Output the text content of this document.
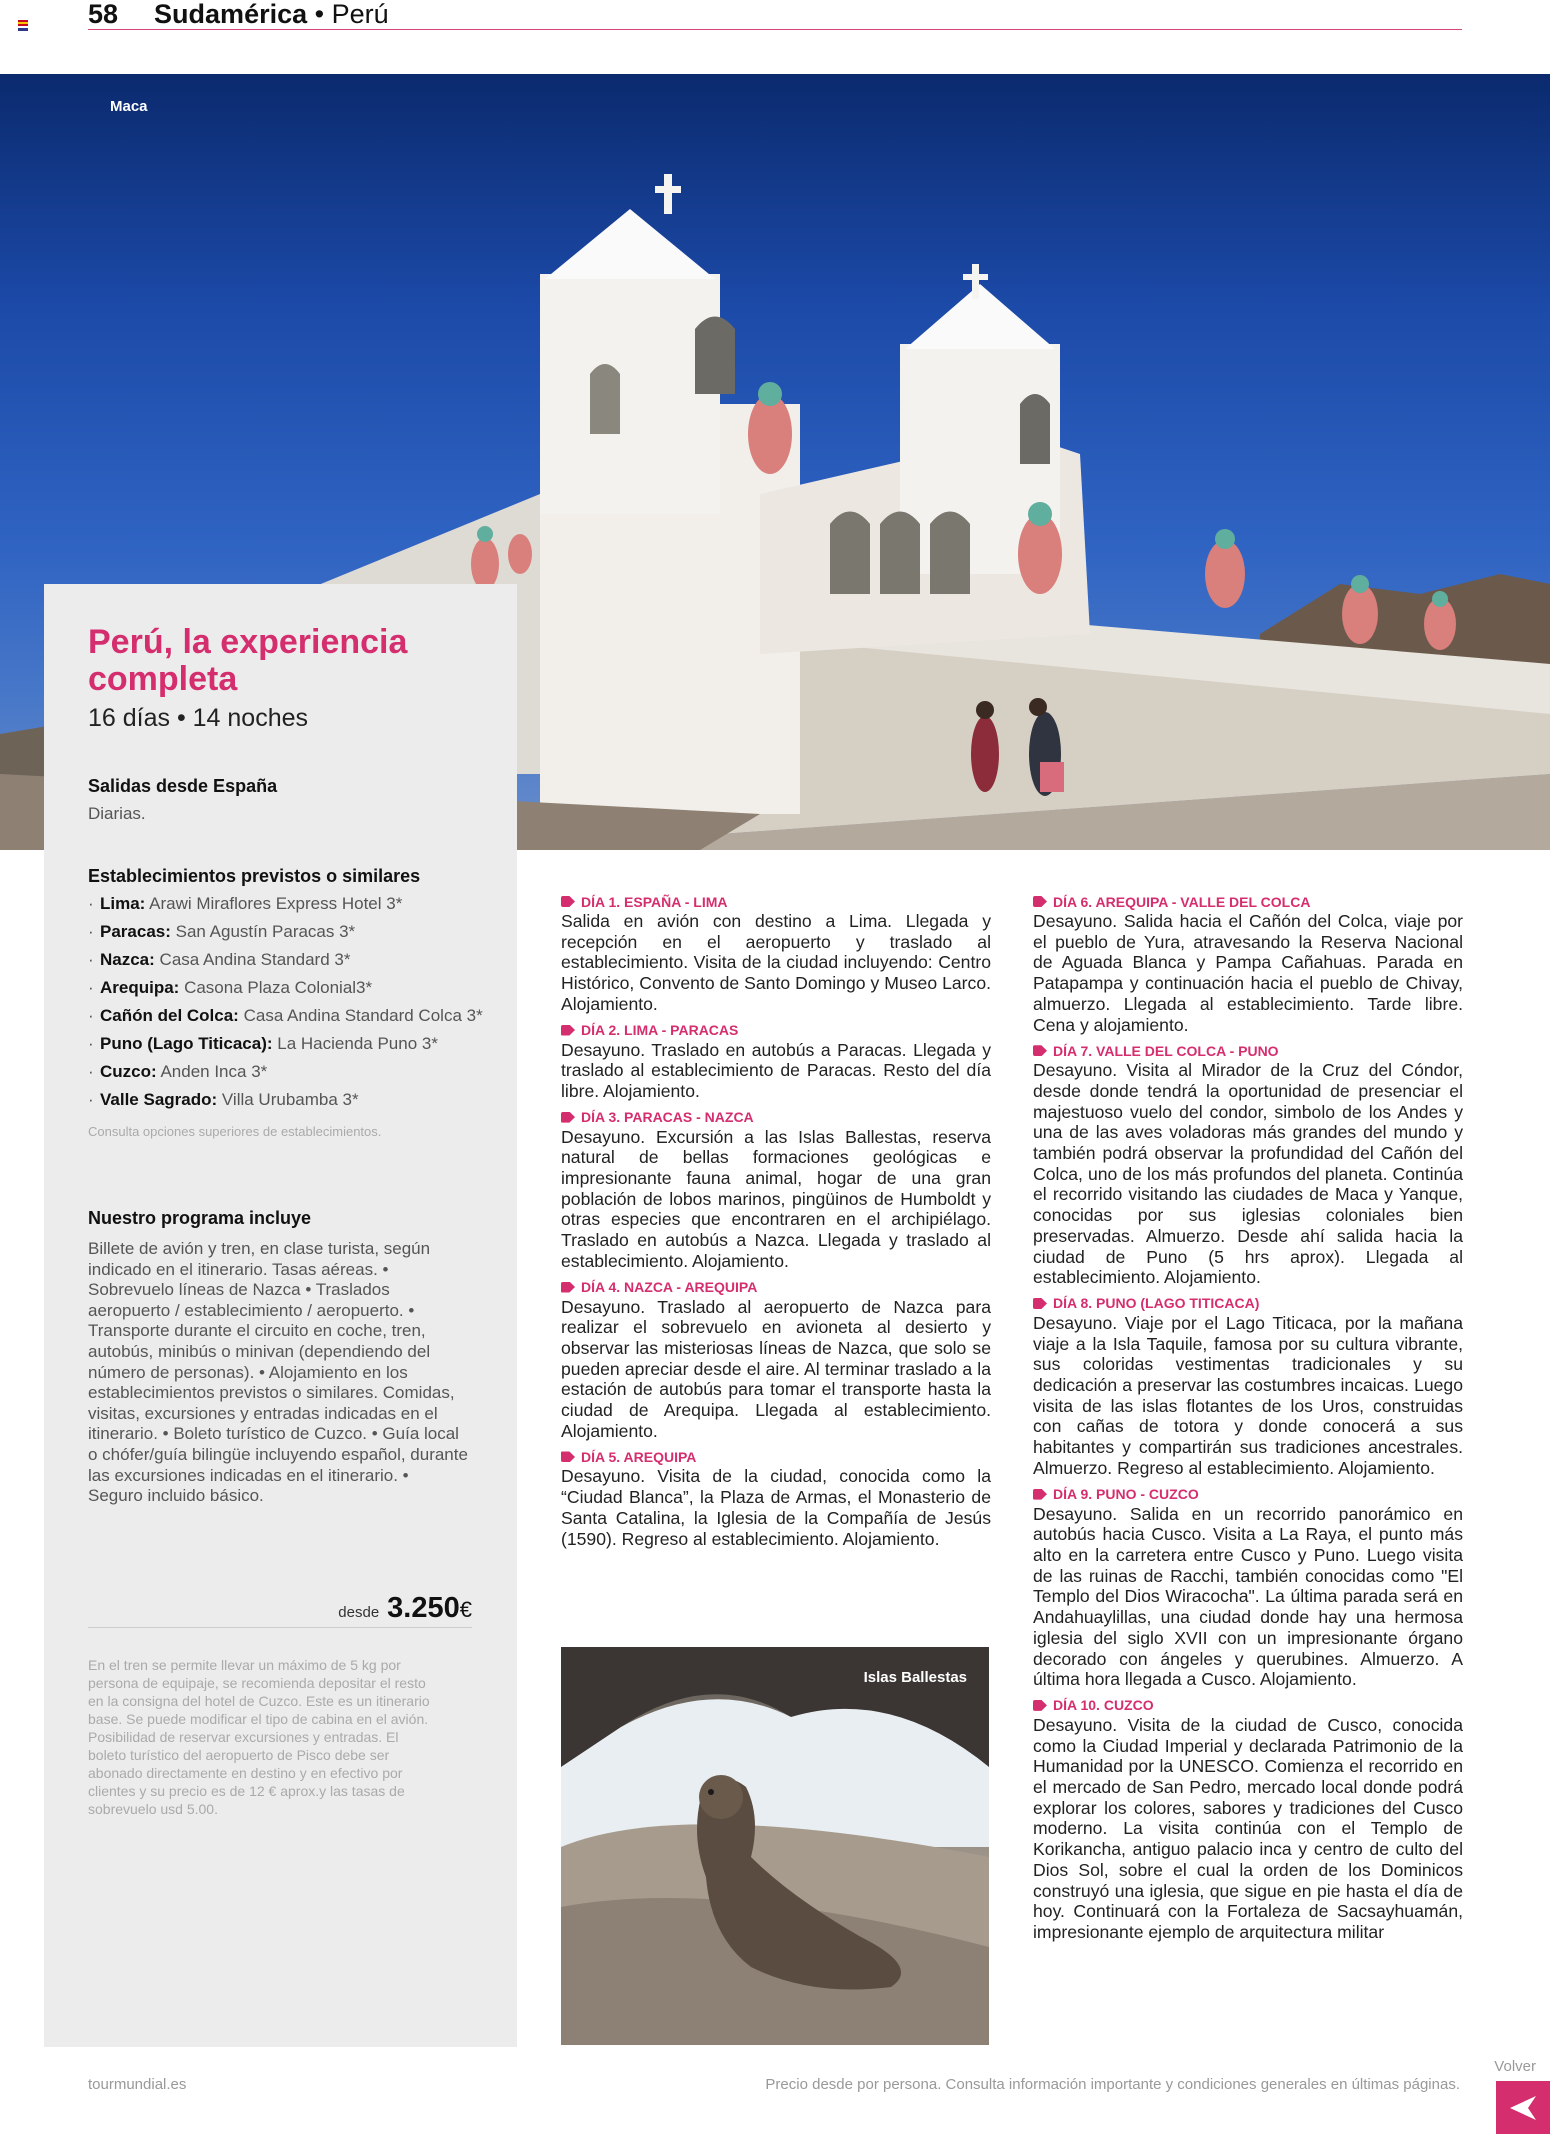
58 Sudamérica • Perú
Maca
Perú, la experiencia completa
16 días • 14 noches
Salidas desde España
Diarias.
Establecimientos previstos o similares
· Lima: Arawi Miraflores Express Hotel 3*
· Paracas: San Agustín Paracas 3*
· Nazca: Casa Andina Standard 3*
· Arequipa: Casona Plaza Colonial3*
· Cañón del Colca: Casa Andina Standard Colca 3*
· Puno (Lago Titicaca): La Hacienda Puno 3*
· Cuzco: Anden Inca 3*
· Valle Sagrado: Villa Urubamba 3*
Consulta opciones superiores de establecimientos.
Nuestro programa incluye
Billete de avión y tren, en clase turista, según indicado en el itinerario. Tasas aéreas. • Sobrevuelo líneas de Nazca • Traslados aeropuerto / establecimiento / aeropuerto. • Transporte durante el circuito en coche, tren, autobús, minibús o minivan (dependiendo del número de personas). • Alojamiento en los establecimientos previstos o similares. Comidas, visitas, excursiones y entradas indicadas en el itinerario. • Boleto turístico de Cuzco. • Guía local o chófer/guía bilingüe incluyendo español, durante las excursiones indicadas en el itinerario. • Seguro incluido básico.
desde 3.250 €
En el tren se permite llevar un máximo de 5 kg por persona de equipaje, se recomienda depositar el resto en la consigna del hotel de Cuzco. Este es un itinerario base. Se puede modificar el tipo de cabina en el avión. Posibilidad de reservar excursiones y entradas. El boleto turístico del aeropuerto de Pisco debe ser abonado directamente en destino y en efectivo por clientes y su precio es de 12 € aprox.y las tasas de sobrevuelo usd 5.00.
DÍA 1. ESPAÑA - LIMA

Salida en avión con destino a Lima. Llegada y recepción en el aeropuerto y traslado al establecimiento. Visita de la ciudad incluyendo: Centro Histórico, Convento de Santo Domingo y Museo Larco. Alojamiento.

DÍA 2. LIMA - PARACAS

Desayuno. Traslado en autobús a Paracas. Llegada y traslado al establecimiento de Paracas. Resto del día libre. Alojamiento.

DÍA 3. PARACAS - NAZCA

Desayuno. Excursión a las Islas Ballestas, reserva natural de bellas formaciones geológicas e impresionante fauna animal, hogar de una gran población de lobos marinos, pingüinos de Humboldt y otras especies que encontraren en el archipiélago. Traslado en autobús a Nazca. Llegada y traslado al establecimiento. Alojamiento.

DÍA 4. NAZCA - AREQUIPA

Desayuno. Traslado al aeropuerto de Nazca para realizar el sobrevuelo en avioneta al desierto y observar las misteriosas líneas de Nazca, que solo se pueden apreciar desde el aire. Al terminar traslado a la estación de autobús para tomar el transporte hasta la ciudad de Arequipa. Llegada al establecimiento. Alojamiento.

DÍA 5. AREQUIPA

Desayuno. Visita de la ciudad, conocida como la “Ciudad Blanca”, la Plaza de Armas, el Monasterio de Santa Catalina, la Iglesia de la Compañía de Jesús (1590). Regreso al establecimiento. Alojamiento.

DÍA 6. AREQUIPA - VALLE DEL COLCA

Desayuno. Salida hacia el Cañón del Colca, viaje por el pueblo de Yura, atravesando la Reserva Nacional de Aguada Blanca y Pampa Cañahuas. Parada en Patapampa y continuación hacia el pueblo de Chivay, almuerzo. Llegada al establecimiento. Tarde libre. Cena y alojamiento.

DÍA 7. VALLE DEL COLCA - PUNO

Desayuno. Visita al Mirador de la Cruz del Cóndor, desde donde tendrá la oportunidad de presenciar el majestuoso vuelo del condor, simbolo de los Andes y una de las aves voladoras más grandes del mundo y también podrá observar la profundidad del Cañón del Colca, uno de los más profundos del planeta. Continúa el recorrido visitando las ciudades de Maca y Yanque, conocidas por sus iglesias coloniales bien preservadas. Almuerzo. Desde ahí salida hacia la ciudad de Puno (5 hrs aprox). Llegada al establecimiento. Alojamiento.

DÍA 8. PUNO (LAGO TITICACA)

Desayuno. Viaje por el Lago Titicaca, por la mañana viaje a la Isla Taquile, famosa por su cultura vibrante, sus coloridas vestimentas tradicionales y su dedicación a preservar las costumbres incaicas. Luego visita de las islas flotantes de los Uros, construidas con cañas de totora y donde conocerá a sus habitantes y compartirán sus tradiciones ancestrales. Almuerzo. Regreso al establecimiento. Alojamiento.

DÍA 9. PUNO - CUZCO

Desayuno. Salida en un recorrido panorámico en autobús hacia Cusco. Visita a La Raya, el punto más alto en la carretera entre Cusco y Puno. Luego visita de las ruinas de Racchi, también conocidas como "El Templo del Dios Wiracocha". La última parada será en Andahuaylillas, una ciudad donde hay una hermosa iglesia del siglo XVII con un impresionante órgano decorado con ángeles y querubines. Almuerzo. A última hora llegada a Cusco. Alojamiento.

DÍA 10. CUZCO

Desayuno. Visita de la ciudad de Cusco, conocida como la Ciudad Imperial y declarada Patrimonio de la Humanidad por la UNESCO. Comienza el recorrido en el mercado de San Pedro, mercado local donde podrá explorar los colores, sabores y tradiciones del Cusco moderno. La visita continúa con el Templo de Korikancha, antiguo palacio inca y centro de culto del Dios Sol, sobre el cual la orden de los Dominicos construyó una iglesia, que sigue en pie hasta el día de hoy. Continuará con la Fortaleza de Sacsayhuamán, impresionante ejemplo de arquitectura militar

Islas Ballestas
tourmundial.es	Precio desde por persona. Consulta información importante y condiciones generales en últimas páginas.
Volver
